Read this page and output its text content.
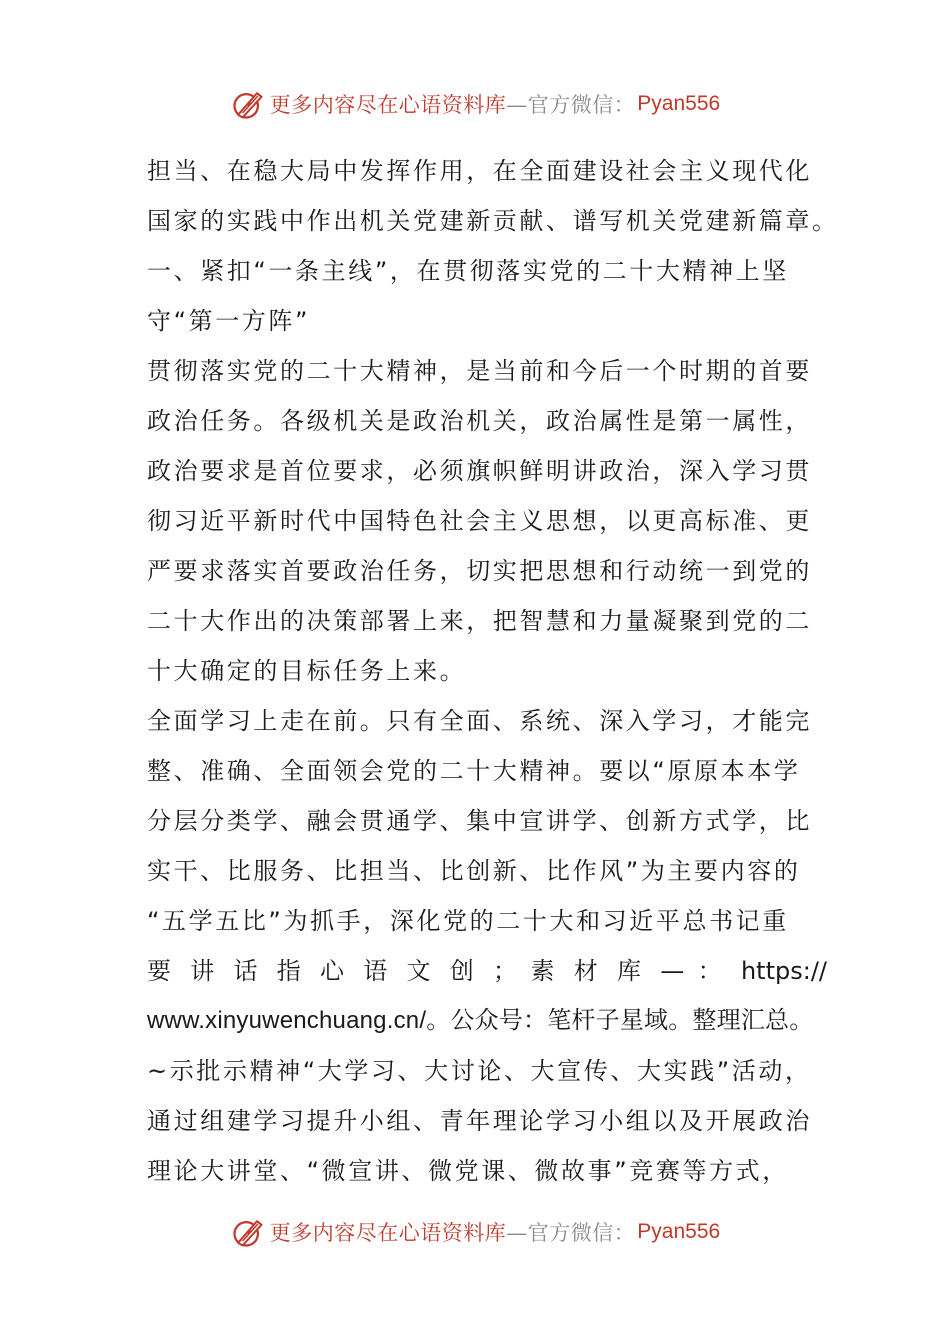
更多内容尽在心语资料库 —官方微信： Pyan556
担当、在稳大局中发挥作用，在全面建设社会主义现代化
国家的实践中作出机关党建新贡献、谱写机关党建新篇章。
一、紧扣“一条主线”，在贯彻落实党的二十大精神上坚
守“第一方阵”
贯彻落实党的二十大精神，是当前和今后一个时期的首要
政治任务。各级机关是政治机关，政治属性是第一属性，
政治要求是首位要求，必须旗帜鲜明讲政治，深入学习贯
彻习近平新时代中国特色社会主义思想，以更高标准、更
严要求落实首要政治任务，切实把思想和行动统一到党的
二十大作出的决策部署上来，把智慧和力量凝聚到党的二
十大确定的目标任务上来。
全面学习上走在前。只有全面、系统、深入学习，才能完
整、准确、全面领会党的二十大精神。要以“原原本本学
分层分类学、融会贯通学、集中宣讲学、创新方式学，比
实干、比服务、比担当、比创新、比作风”为主要内容的
“五学五比”为抓手，深化党的二十大和习近平总书记重
要 讲 话 指 心 语 文 创 ； 素 材 库 — ： https://
www.xinyuwenchuang.cn/。公众号：笔杆子星域。整理汇总。
~示批示精神“大学习、大讨论、大宣传、大实践”活动，
通过组建学习提升小组、青年理论学习小组以及开展政治
理论大讲堂、“微宣讲、微党课、微故事”竞赛等方式，
更多内容尽在心语资料库 —官方微信： Pyan556
